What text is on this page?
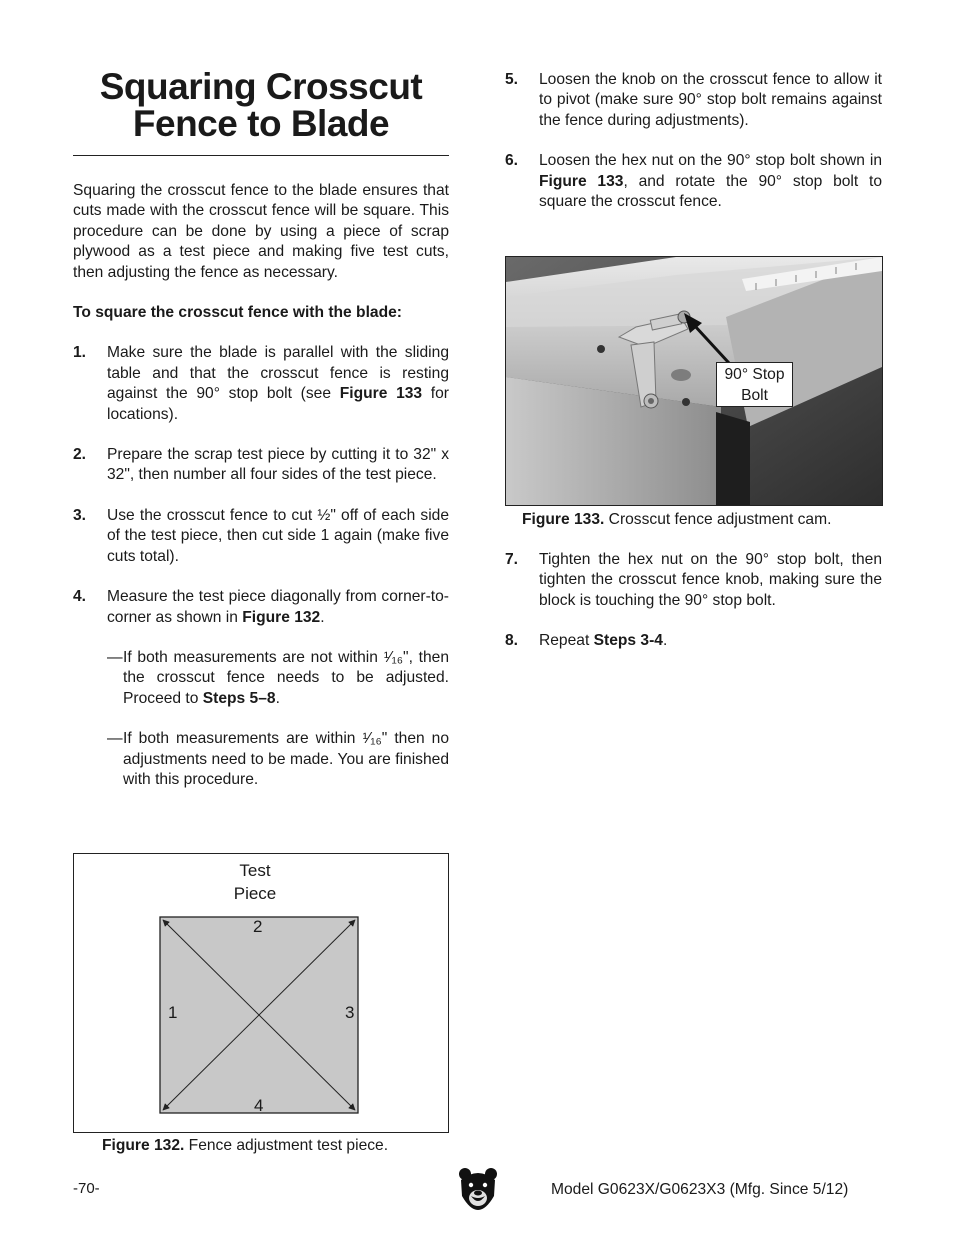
Squaring Crosscut
Fence to Blade

Squaring the crosscut fence to the blade ensures that cuts made with the crosscut fence will be square. This procedure can be done by using a piece of scrap plywood as a test piece and making five test cuts, then adjusting the fence as necessary.

To square the crosscut fence with the blade:

1. Make sure the blade is parallel with the sliding table and that the crosscut fence is resting against the 90° stop bolt (see Figure 133 for locations).
2. Prepare the scrap test piece by cutting it to 32" x 32", then number all four sides of the test piece.
3. Use the crosscut fence to cut ½" off of each side of the test piece, then cut side 1 again (make five cuts total).
4. Measure the test piece diagonally from corner-to-corner as shown in Figure 132.
— If both measurements are not within ¹⁄₁₆", then the crosscut fence needs to be adjusted. Proceed to Steps 5–8.
— If both measurements are within ¹⁄₁₆" then no adjustments need to be made. You are finished with this procedure.
Test
Piece
1
2
3
4
Figure 132. Fence adjustment test piece.
5. Loosen the knob on the crosscut fence to allow it to pivot (make sure 90° stop bolt remains against the fence during adjustments).
6. Loosen the hex nut on the 90° stop bolt shown in Figure 133, and rotate the 90° stop bolt to square the crosscut fence.
90° Stop
Bolt
Figure 133. Crosscut fence adjustment cam.
7. Tighten the hex nut on the 90° stop bolt, then tighten the crosscut fence knob, making sure the block is touching the 90° stop bolt.
8. Repeat Steps 3-4.
-70-	Model G0623X/G0623X3 (Mfg. Since 5/12)
